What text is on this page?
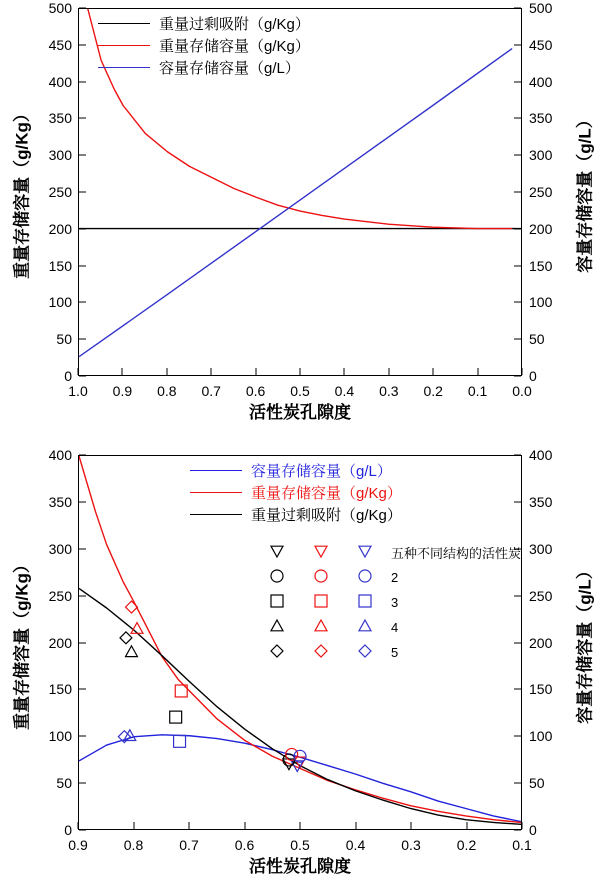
0
50
100
150
200
250
300
350
400
450
500
0
50
100
150
200
250
300
350
400
450
500
1.0 0.9 0.8 0.7 0.6 0.5 0.4 0.3 0.2 0.1 0.0
活性炭孔隙度
重量存储容量（g/Kg）	容量存储容量（g/L）
重量过剩吸附（g/Kg）
重量存储容量（g/Kg）
容量存储容量（g/L）
0
50
100
150
200
250
300
350
400
0
50
100
150
200
250
300
350
400
0.9	0.8	0.7	0.6	0.5	0.4	0.3	0.2	0.1
活性炭孔隙度
重量存储容量（g/Kg）	容量存储容量（g/L）
容量存储容量（g/L）
重量存储容量（g/Kg）
重量过剩吸附（g/Kg）
五种不同结构的活性炭
2
3
4
5
